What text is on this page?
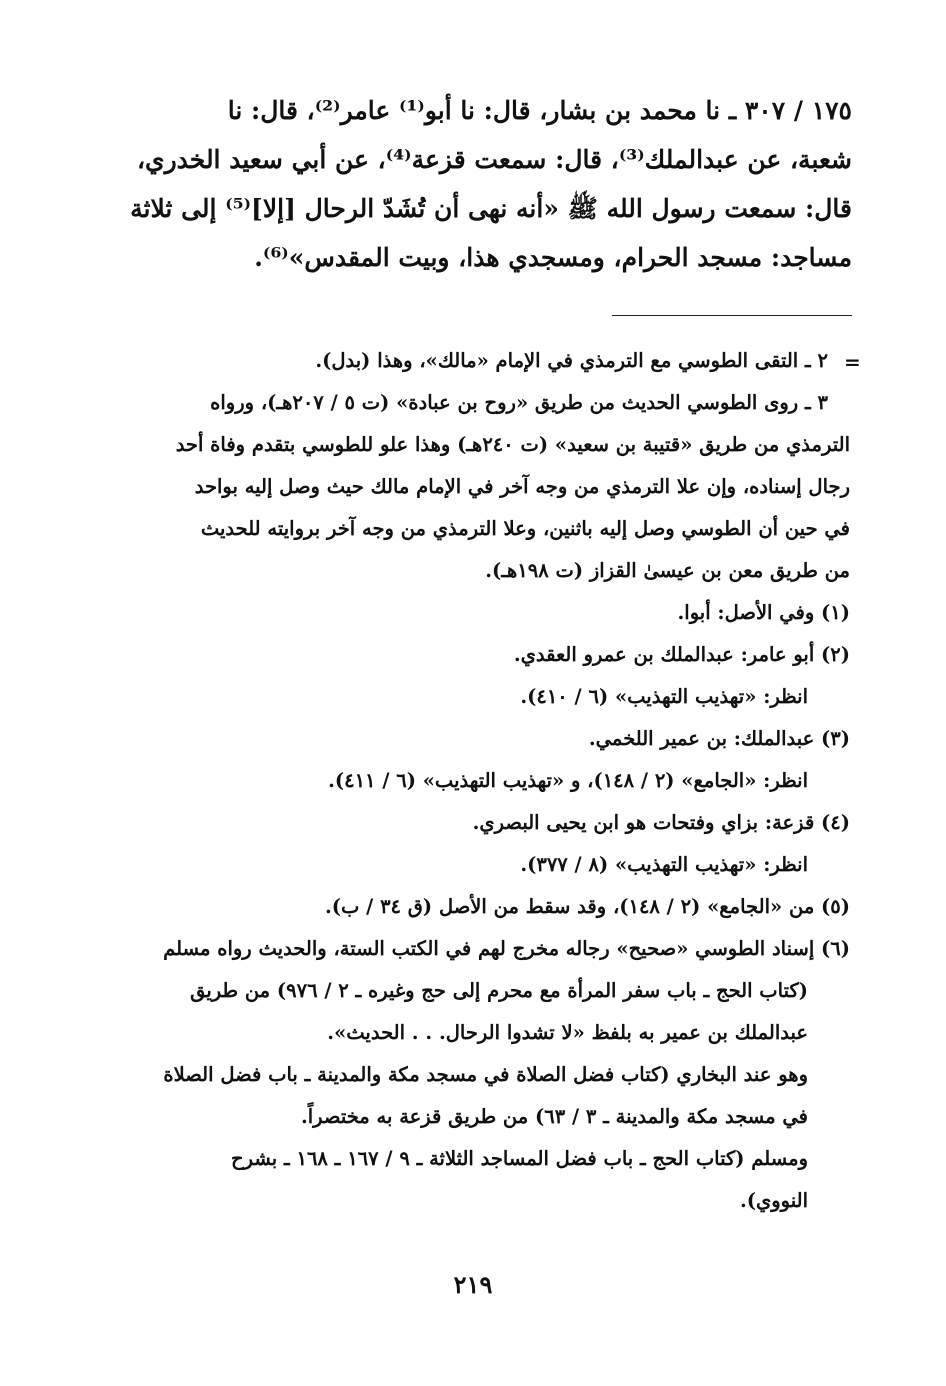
١٧٥ / ٣٠٧ ـ نا محمد بن بشار، قال: نا أبو⁽¹⁾ عامر⁽²⁾، قال: نا

شعبة، عن عبدالملك⁽³⁾، قال: سمعت قزعة⁽⁴⁾، عن أبي سعيد الخدري،

قال: سمعت رسول الله ﷺ «أنه نهى أن تُشَدّ الرحال [إلا]⁽⁵⁾ إلى ثلاثة

مساجد: مسجد الحرام، ومسجدي هذا، وبيت المقدس»⁽⁶⁾.

=

٢ ـ التقى الطوسي مع الترمذي في الإمام «مالك»، وهذا (بدل).

٣ ـ روى الطوسي الحديث من طريق «روح بن عبادة» (ت ٥ / ٢٠٧هـ)، ورواه

الترمذي من طريق «قتيبة بن سعيد» (ت ٢٤٠هـ) وهذا علو للطوسي بتقدم وفاة أحد

رجال إسناده، وإن علا الترمذي من وجه آخر في الإمام مالك حيث وصل إليه بواحد

في حين أن الطوسي وصل إليه باثنين، وعلا الترمذي من وجه آخر بروايته للحديث

من طريق معن بن عيسىٰ القزاز (ت ١٩٨هـ).

(١) وفي الأصل: أبوا.

(٢) أبو عامر: عبدالملك بن عمرو العقدي.

انظر: «تهذيب التهذيب» (٦ / ٤١٠).

(٣) عبدالملك: بن عمير اللخمي.

انظر: «الجامع» (٢ / ١٤٨)، و «تهذيب التهذيب» (٦ / ٤١١).

(٤) قزعة: بزاي وفتحات هو ابن يحيى البصري.

انظر: «تهذيب التهذيب» (٨ / ٣٧٧).

(٥) من «الجامع» (٢ / ١٤٨)، وقد سقط من الأصل (ق ٣٤ / ب).

(٦) إسناد الطوسي «صحيح» رجاله مخرج لهم في الكتب الستة، والحديث رواه مسلم

(كتاب الحج ـ باب سفر المرأة مع محرم إلى حج وغيره ـ ٢ / ٩٧٦) من طريق

عبدالملك بن عمير به بلفظ «لا تشدوا الرحال. . . الحديث».

وهو عند البخاري (كتاب فضل الصلاة في مسجد مكة والمدينة ـ باب فضل الصلاة

في مسجد مكة والمدينة ـ ٣ / ٦٣) من طريق قزعة به مختصراً.

ومسلم (كتاب الحج ـ باب فضل المساجد الثلاثة ـ ٩ / ١٦٧ ـ ١٦٨ ـ بشرح

النووي).

٢١٩
